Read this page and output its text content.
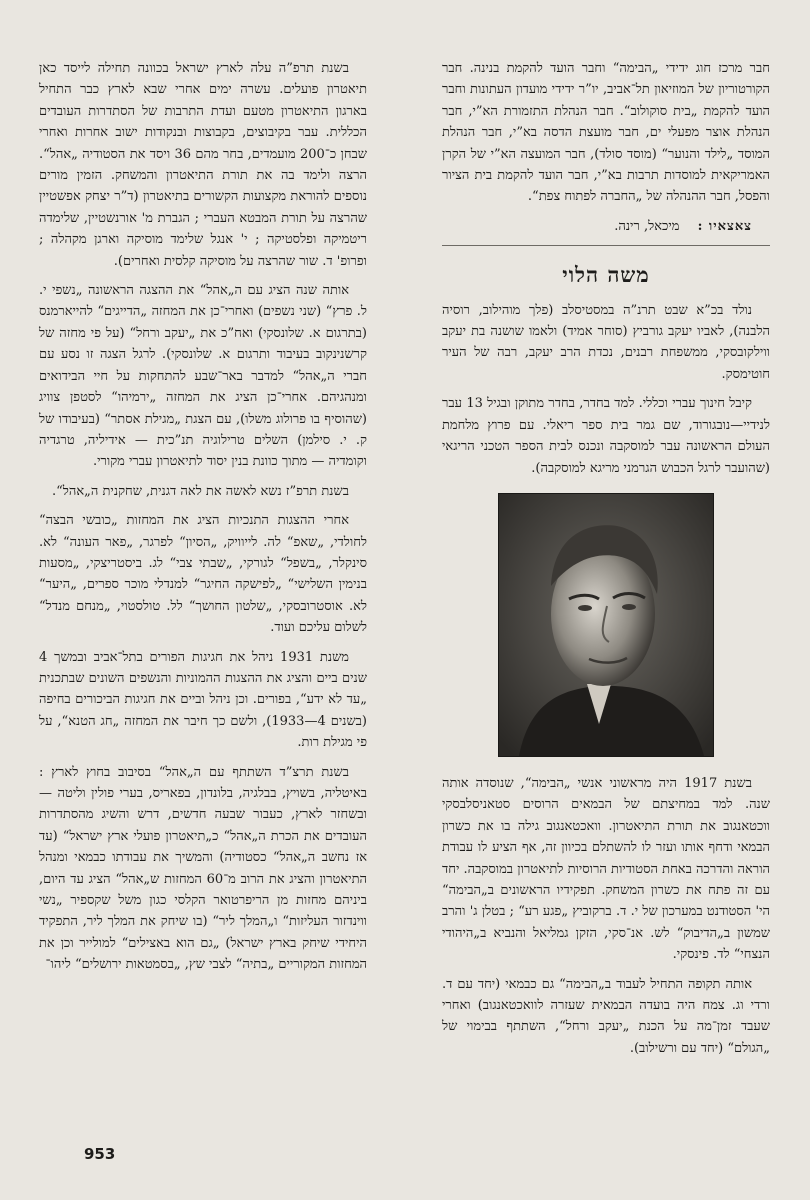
חבר מרכז חוג ידידי „הבימה“ וחבר הועד להקמת בנינה. חבר הקורטוריון של המוזיאון תל־אביב, יו”ר ידידי מועדון העתונות וחבר הועד להקמת „בית סוקולוב“. חבר הנהלת התזמורת הא”י, חבר הנהלת אוצר מפעלי ים, חבר מועצת הדסה בא”י, חבר הנהלת המוסד „לילד והנוער“ (מוסד סולד), חבר המועצה הא”י של הקרן האמריקאית למוסדות תרבות בא”י, חבר הועד להקמת בית הציור והפסל, חבר ההנהלה של „החברה לפתוח צפת“.

צאצאיו : מיכאל, רינה.

משה הלוי

נולד בכ”א שבט תרנ”ה במסטיסלב (פלך מוהילוב, רוסיה הלבנה), לאביו יעקב גורביץ (סוחר אמיד) ולאמו שושנה בת יעקב ווילקובסקי, ממשפחת רבנים, נכדת הרב יעקב, רבה של העיר חוטימסק.

קיבל חינוך עברי וכללי. למד בחדר, בחדר מתוקן ובגיל 13 עבר לנידיי—נובגורוד, שם גמר בית ספר ריאלי. עם פרוץ מלחמת העולם הראשונה עבר למוסקבה ונכנס לבית הספר הטכני הריגאי (שהועבר לרגל הכבוש הגרמני מריגא למוסקבה).

בשנת 1917 היה מראשוני אנשי „הבימה“, שנוסדה אותה שנה. למד במחיצתם של הבמאים הרוסים סטאניסלבסקי ווכטאנגוב את תורת התיאטרון. וואכטאנגוב גילה בו את כשרון הבמאי ודחף אותו ועזר לו להשתלם בכיוון זה, אף הציע לו עבודת הוראה והדרכה באחת הסטודיות הרוסיות לתיאטרון במוסקבה. יחד עם זה פתח את כשרון המשחק. תפקידיו הראשונים ב„הבימה“ הי' הסטודנט במערכון של י. ד. ברקוביץ „פגע רע“ ; בטלן ג' והרב שמשון ב„הדיבוק“ לש. אנ־סקי, הזקן גמליאל והנביא ב„היהודי הנצחי“ לד. פינסקי.

אותה תקופה התחיל לעבוד ב„הבימה“ גם כבמאי (יחד עם ד. ורדי וג. צמח היה בועדה הבמאית שעזרה לוואכטאנגוב) ואחרי שעבד זמן־מה על הכנת „יעקב ורחל“, השתתף בבימוי של „הגולם“ (יחד עם ורשילוב).

בשנת תרפ”ה עלה לארץ ישראל בכוונה תחילה לייסד כאן תיאטרון פועלים. עשרה ימים אחרי שבא לארץ כבר התחיל בארגון התיאטרון מטעם ועדת התרבות של הסתדרות העובדים הכללית. עבר בקיבוצים, בקבוצות ובנקודות ישוב אחרות ואחרי שבחן כ־200 מועמדים, בחר מהם 36 ויסד את הסטודיה „אהל“. הרצה ולימד בה את תורת התיאטרון והמשחק. הזמין מורים נוספים להוראת מקצועות הקשורים בתיאטרון (ד”ר יצחק אפשטיין שהרצה על תורת המבטא העברי ; הגברת מ' אורנשטיין, שלימדה ריטמיקה ופלסטיקה ; י' אנגל שלימד מוסיקה וארגן מקהלה ; ופרופ' ד. שור שהרצה על מוסיקה קלסית ואחרים).

אותה שנה הציג עם ה„אהל“ את ההצגה הראשונה „נשפי י. ל. פרץ“ (שני נשפים) ואחרי־כן את המחזה „הדייגים“ להייארמנס (בתרגום א. שלונסקי) ואח”כ את „יעקב ורחל“ (על פי מחזה של קרשנינקוב בעיבוד ותרגום א. שלונסקי). לרגל הצגה זו נסע עם חברי ה„אהל“ למדבר באר־שבע להתחקות על חיי הבידואים ומנהגיהם. אחרי־כן הציג את המחזה „ירמיהו“ לסטפן צוויג (שהוסיף בו פרולוג משלו), עם הצגת „מגילת אסתר“ (בעיבודו של ק. י. סילמן) השלים טרילוגיה תנ”כית — אידיליה, טרגדיה וקומדיה — מתוך כוונת בנין יסוד לתיאטרון עברי מקורי.

בשנת תרפ”ז נשא לאשה את לאה דגנית, שחקנית ה„אהל“.

אחרי ההצגות התנכיות הציג את המחזות „כובשי הבצה“ לחולדי, „שאפ“ לה. לייוויק, „הסיון“ לפרגר, „פאר העונה“ לא. סינקלר, „בשפל“ לגורקי, „שבתי צבי“ לג. ביסטריצקי, „מסעות בנימין השלישי“ „לפישקה החיגר“ למנדלי מוכר ספרים, „היער“ לא. אוסטרובסקי, „שלטון החושך“ לל. טולסטוי, „מנחם מנדל“ לשלום עליכם ועוד.

משנת 1931 ניהל את חגיגות הפורים בתל־אביב ובמשך 4 שנים ביים והציג את ההצגות ההמוניות והנשפים השונים שבתכנית „עד לא ידע“, בפורים. וכן ניהל וביים את חגיגות הביכורים בחיפה (בשנים 4—1933), ולשם כך חיבר את המחזה „חג הטנא“, על פי מגילת רות.

בשנת תרצ”ד השתתף עם ה„אהל“ בסיבוב בחוץ לארץ : באיטליה, בשויץ, בבלגיה, בלונדון, בפאריס, בערי פולין וליטה — ובשחזר לארץ, כעבור שבעה חדשים, דרש והשיג מהסתדרות העובדים את הכרת ה„אהל“ כ„תיאטרון פועלי ארץ ישראל“ (עד אז נחשב ה„אהל“ כסטודיה) והמשיך את עבודתו כבמאי ומנהל התיאטרון והציג את הרוב מ־60 המחזות ש„אהל“ הציג עד היום, ביניהם מחזות מן הריפרטואר הקלסי כגון משל שקספיר „נשי ווינדזור העליזות“ ו„המלך ליר“ (בו שיחק את המלך ליר, התפקיד היחידי שיחק בארץ ישראל) „גם הוא באצילים“ למולייר וכן את המחזות המקוריים „בתיה“ לצבי שץ, „בסמטאות ירושלים“ ליהו־

953
